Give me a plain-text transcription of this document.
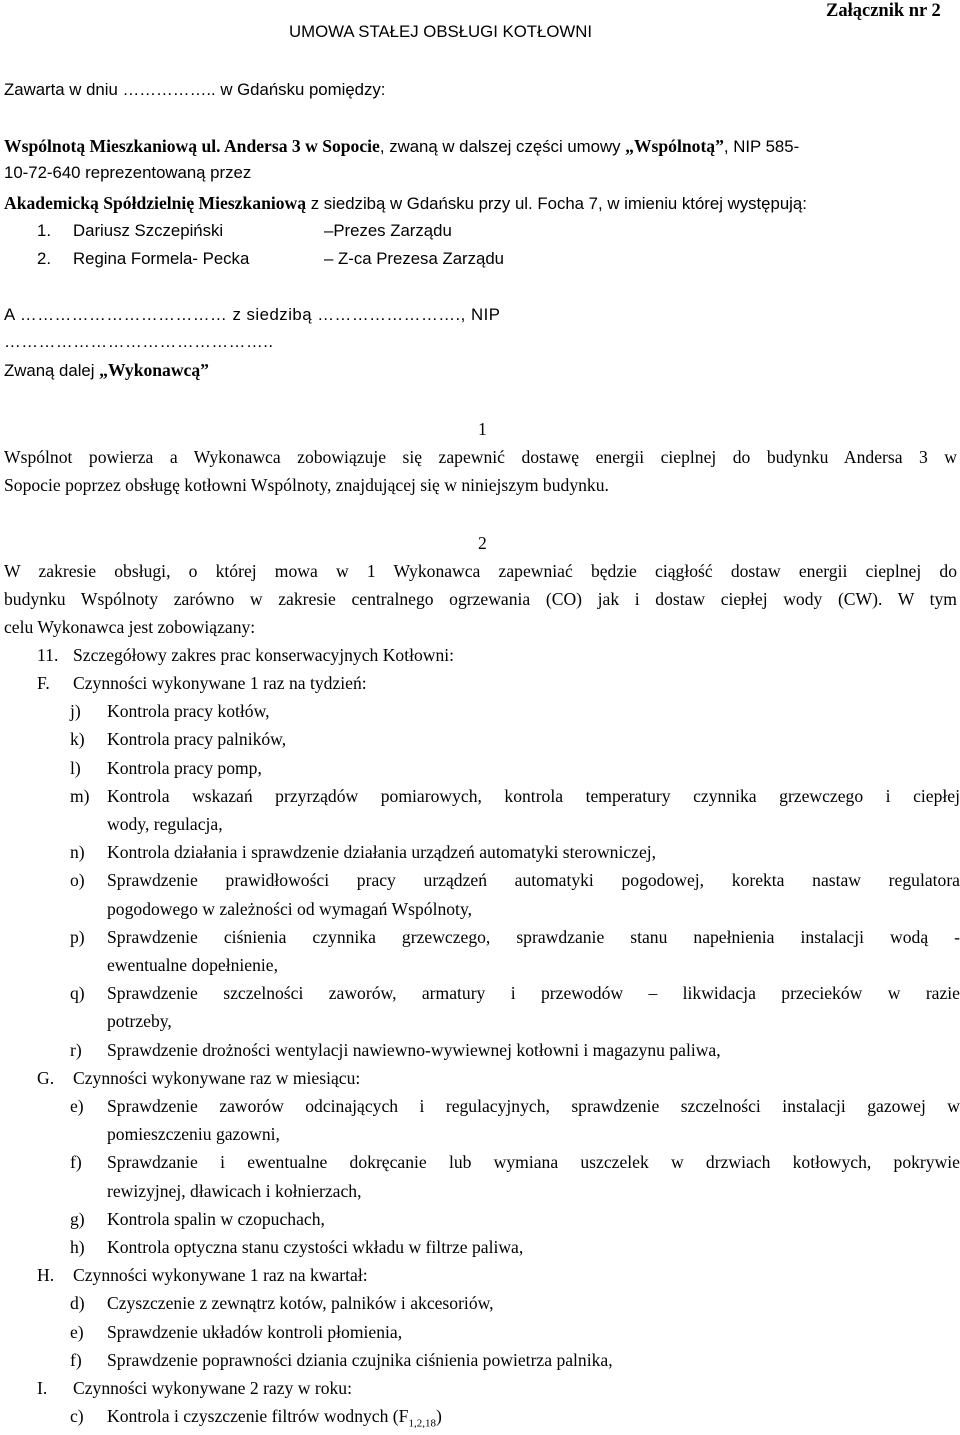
UMOWA STAŁEJ OBSŁUGI KOTŁOWNI
Załącznik nr 2
Zawarta w dniu …………….. w Gdańsku pomiędzy:
Wspólnotą Mieszkaniową ul. Andersa 3 w Sopocie, zwaną w dalszej części umowy „Wspólnotą”, NIP 585-
10-72-640 reprezentowaną przez
Akademicką Spółdzielnię Mieszkaniową z siedzibą w Gdańsku przy ul. Focha 7, w imieniu której występują:
1. Dariusz Szczepiński	–Prezes Zarządu
2. Regina Formela- Pecka	– Z-ca Prezesa Zarządu
A ……………………………… z siedzibą ……………………., NIP
………………………………………..
Zwaną dalej „Wykonawcą”
1
Wspólnot powierza a Wykonawca zobowiązuje się zapewnić dostawę energii cieplnej do budynku Andersa 3 w
Sopocie poprzez obsługę kotłowni Wspólnoty, znajdującej się w niniejszym budynku.
2
W zakresie obsługi, o której mowa w 1 Wykonawca zapewniać będzie ciągłość dostaw energii cieplnej do
budynku Wspólnoty zarówno w zakresie centralnego ogrzewania (CO) jak i dostaw ciepłej wody (CW). W tym
celu Wykonawca jest zobowiązany:
11. Szczegółowy zakres prac konserwacyjnych Kotłowni:
F. Czynności wykonywane 1 raz na tydzień:
j) Kontrola pracy kotłów,
k) Kontrola pracy palników,
l) Kontrola pracy pomp,
m) Kontrola wskazań przyrządów pomiarowych, kontrola temperatury czynnika grzewczego i ciepłej
wody, regulacja,
n) Kontrola działania i sprawdzenie działania urządzeń automatyki sterowniczej,
o) Sprawdzenie prawidłowości pracy urządzeń automatyki pogodowej, korekta nastaw regulatora
pogodowego w zależności od wymagań Wspólnoty,
p) Sprawdzenie ciśnienia czynnika grzewczego, sprawdzanie stanu napełnienia instalacji wodą -
ewentualne dopełnienie,
q) Sprawdzenie szczelności zaworów, armatury i przewodów – likwidacja przecieków w razie
potrzeby,
r) Sprawdzenie drożności wentylacji nawiewno-wywiewnej kotłowni i magazynu paliwa,
G. Czynności wykonywane raz w miesiącu:
e) Sprawdzenie zaworów odcinających i regulacyjnych, sprawdzenie szczelności instalacji gazowej w
pomieszczeniu gazowni,
f) Sprawdzanie i ewentualne dokręcanie lub wymiana uszczelek w drzwiach kotłowych, pokrywie
rewizyjnej, dławicach i kołnierzach,
g) Kontrola spalin w czopuchach,
h) Kontrola optyczna stanu czystości wkładu w filtrze paliwa,
H. Czynności wykonywane 1 raz na kwartał:
d) Czyszczenie z zewnątrz kotów, palników i akcesoriów,
e) Sprawdzenie układów kontroli płomienia,
f) Sprawdzenie poprawności dziania czujnika ciśnienia powietrza palnika,
I. Czynności wykonywane 2 razy w roku:
c) Kontrola i czyszczenie filtrów wodnych $(F_{1,2,18})$
